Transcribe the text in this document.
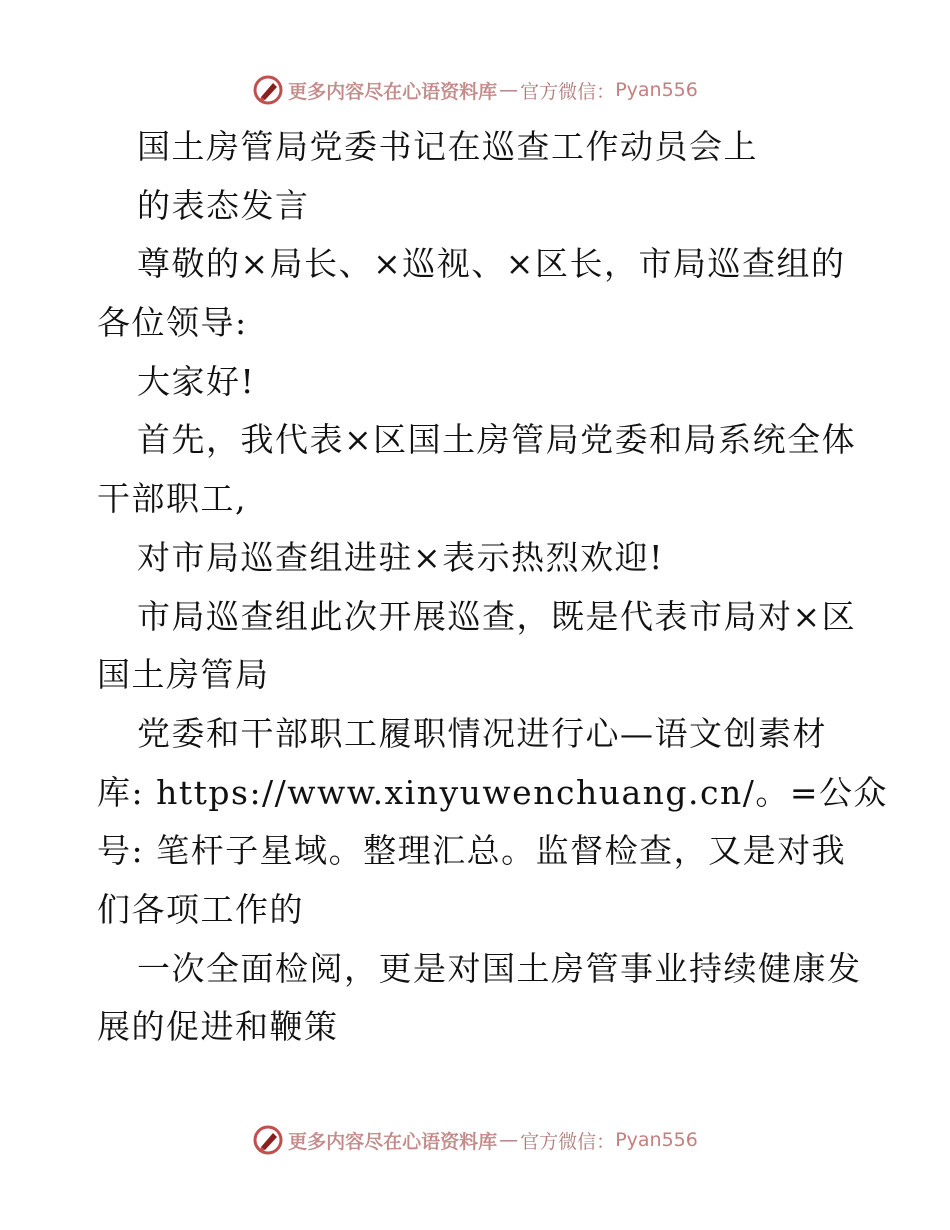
更多内容尽在心语资料库 — 官方微信： Pyan556
国土房管局党委书记在巡查工作动员会上
的表态发言
尊敬的×局长、×巡视、×区长，市局巡查组的
各位领导:
大家好!
首先，我代表×区国土房管局党委和局系统全体
干部职工,
对市局巡查组进驻×表示热烈欢迎!
市局巡查组此次开展巡查，既是代表市局对×区
国土房管局
党委和干部职工履职情况进行心—语文创素材
库: https://www.xinyuwenchuang.cn/。=公众
号: 笔杆子星域。整理汇总。监督检查，又是对我
们各项工作的
一次全面检阅，更是对国土房管事业持续健康发
展的促进和鞭策
更多内容尽在心语资料库 — 官方微信： Pyan556
